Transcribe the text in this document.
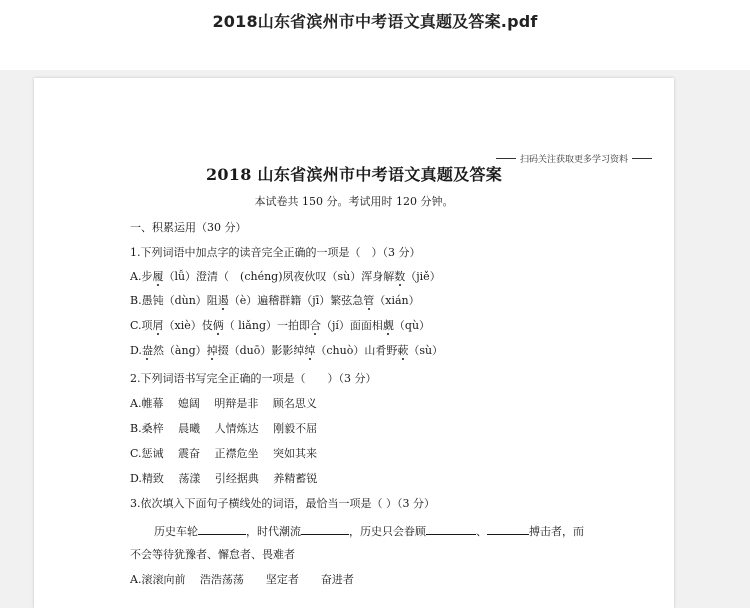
2018山东省滨州市中考语文真题及答案.pdf
扫码关注获取更多学习资料
2018 山东省滨州市中考语文真题及答案
本试卷共 150 分。考试用时 120 分钟。
一、积累运用（30 分）
1.下列词语中加点字的读音完全正确的一项是（　）（3 分）
A.步履（lǚ）澄清（　(chéng)夙夜伙叹（sù）浑身解数（jiě）
B.愚钝（dùn）阻遏（è）遍稽群籍（jī）繁弦急管（xián）
C.项屑（xiè）伎俩（ liǎng）一拍即合（jí）面面相觑（qù）
D.盎然（àng）掉掇（duō）影影绰绰（chuò）山肴野蔌（sù）
2.下列词语书写完全正确的一项是（　　）（3 分）
A.帷幕　 媳阔　 明辩是非　 顾名思义
B.桑梓　 晨曦　 人情炼达　 刚毅不屈
C.惩诫　 震奋　 正襟危坐　 突如其来
D.精致　 荡漾　 引经据典　 养精蓄锐
3.依次填入下面句子横线处的词语，最恰当一项是（ ）（3 分）
历史车轮	，时代潮流	，历史只会眷顾	、	搏击者，而
不会等待犹豫者、懈怠者、畏难者
A.滚滚向前　 浩浩荡荡　　坚定者　　奋进者
